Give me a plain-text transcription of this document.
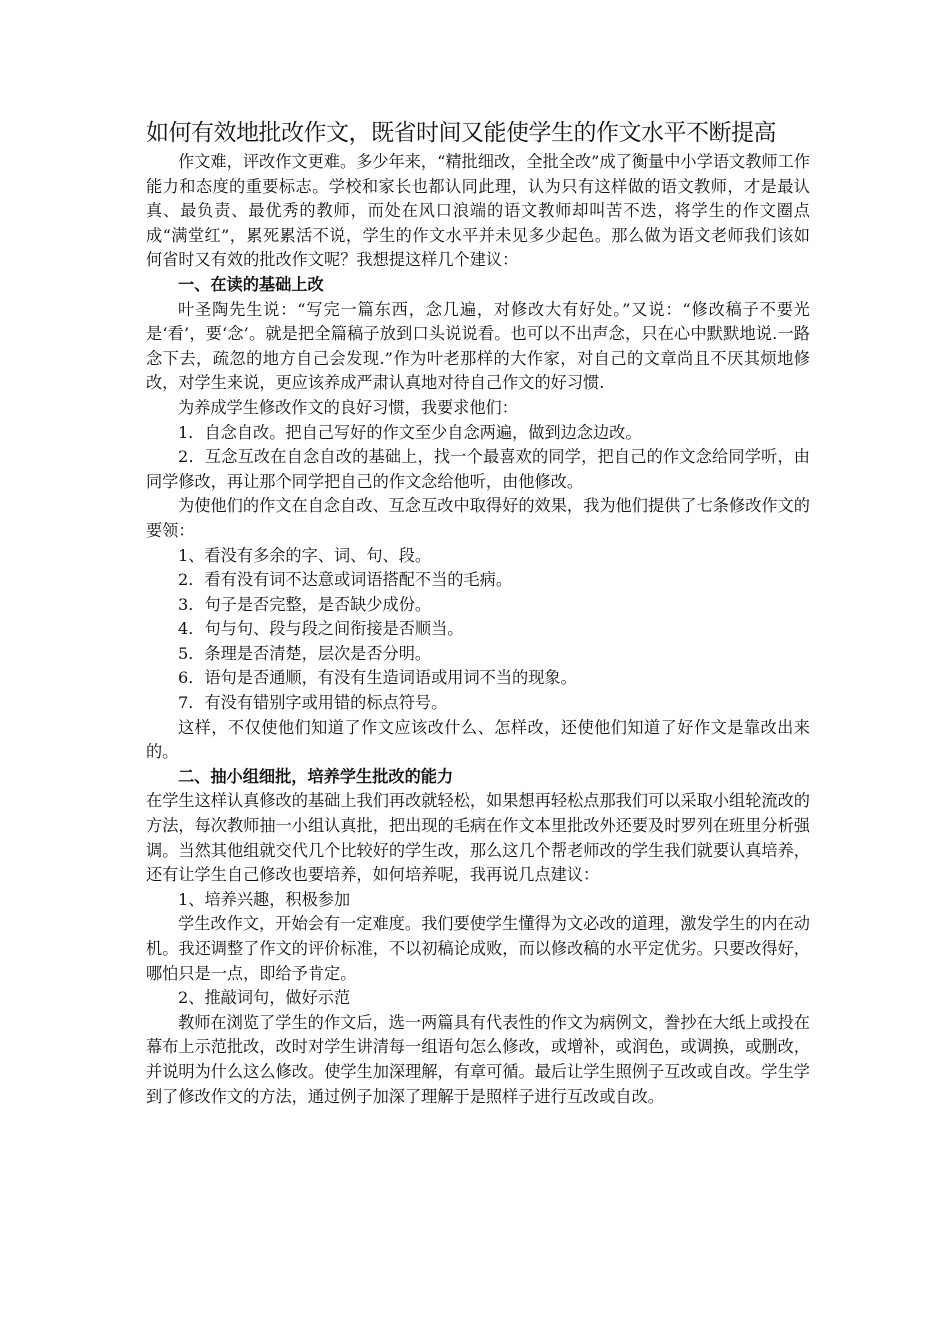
如何有效地批改作文，既省时间又能使学生的作文水平不断提高

作文难，评改作文更难。多少年来，“精批细改，全批全改”成了衡量中小学语文教师工作能力和态度的重要标志。学校和家长也都认同此理，认为只有这样做的语文教师，才是最认真、最负责、最优秀的教师，而处在风口浪端的语文教师却叫苦不迭，将学生的作文圈点成“满堂红”，累死累活不说，学生的作文水平并未见多少起色。那么做为语文老师我们该如何省时又有效的批改作文呢？我想提这样几个建议：

一、在读的基础上改

叶圣陶先生说：“写完一篇东西，念几遍，对修改大有好处。”又说：“修改稿子不要光是‘看’，要‘念’。就是把全篇稿子放到口头说说看。也可以不出声念，只在心中默默地说.一路念下去，疏忽的地方自己会发现.”作为叶老那样的大作家，对自己的文章尚且不厌其烦地修改，对学生来说，更应该养成严肃认真地对待自己作文的好习惯.

为养成学生修改作文的良好习惯，我要求他们：

1．自念自改。把自己写好的作文至少自念两遍，做到边念边改。

2．互念互改在自念自改的基础上，找一个最喜欢的同学，把自己的作文念给同学听，由同学修改，再让那个同学把自己的作文念给他听，由他修改。

为使他们的作文在自念自改、互念互改中取得好的效果，我为他们提供了七条修改作文的要领：

1、看没有多余的字、词、句、段。

2．看有没有词不达意或词语搭配不当的毛病。

3．句子是否完整，是否缺少成份。

4．句与句、段与段之间衔接是否顺当。

5．条理是否清楚，层次是否分明。

6．语句是否通顺，有没有生造词语或用词不当的现象。

7．有没有错别字或用错的标点符号。

这样，不仅使他们知道了作文应该改什么、怎样改，还使他们知道了好作文是靠改出来的。

二、抽小组细批，培养学生批改的能力

在学生这样认真修改的基础上我们再改就轻松，如果想再轻松点那我们可以采取小组轮流改的方法，每次教师抽一小组认真批，把出现的毛病在作文本里批改外还要及时罗列在班里分析强调。当然其他组就交代几个比较好的学生改，那么这几个帮老师改的学生我们就要认真培养，还有让学生自己修改也要培养，如何培养呢，我再说几点建议：

1、培养兴趣，积极参加

学生改作文，开始会有一定难度。我们要使学生懂得为文必改的道理，激发学生的内在动机。我还调整了作文的评价标准，不以初稿论成败，而以修改稿的水平定优劣。只要改得好，哪怕只是一点，即给予肯定。

2、推敲词句，做好示范

教师在浏览了学生的作文后，选一两篇具有代表性的作文为病例文，誊抄在大纸上或投在幕布上示范批改，改时对学生讲清每一组语句怎么修改，或增补，或润色，或调换，或删改，并说明为什么这么修改。使学生加深理解，有章可循。最后让学生照例子互改或自改。学生学到了修改作文的方法，通过例子加深了理解于是照样子进行互改或自改。
